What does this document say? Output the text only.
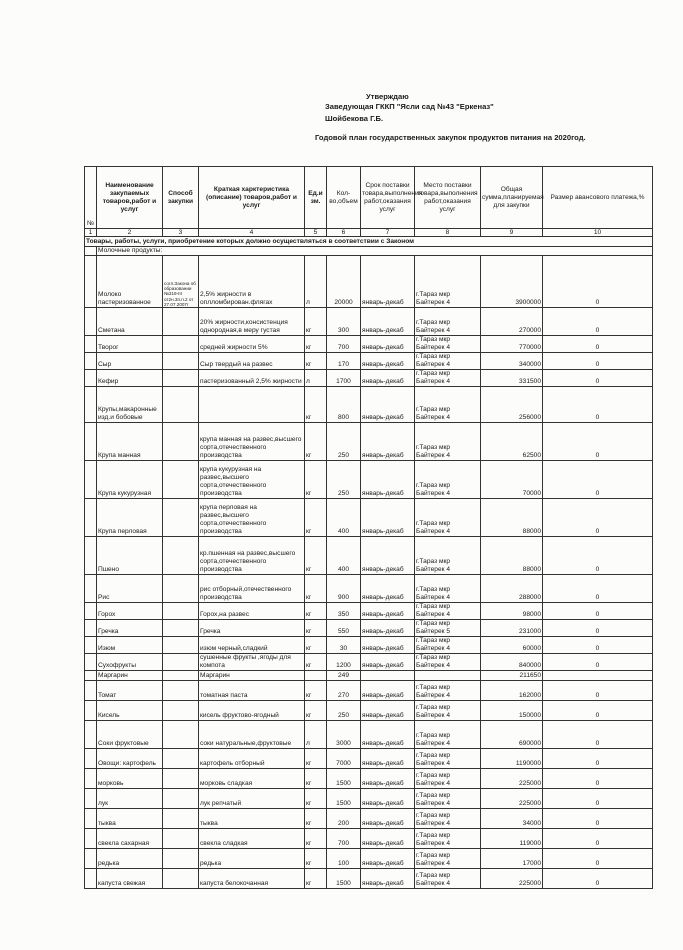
Утверждаю
Заведующая ГККП "Ясли сад №43 "Еркеназ"
Шойбекова Г.Б.
Годовой план государственных закупок продуктов питания на 2020год.
№	Наименование закупаемых товаров,работ и услуг	Способ закупки	Краткая харктеристика (описание) товаров,работ и услуг	Ед.и зм.	Кол-во,объем	Срок поставки товара,выполнения работ,оказания услуг	Место поставки товара,выполнения работ,оказания услуг	Общая сумма,планируемая для закупки	Размер авансового платежа,%
1	2	3	4	5	6	7	8	9	10
Товары, работы, услуги, приобретение которых должно осуществляться в соответствии с Законом									
	Молочные продукты:								
	Молоко пастеризованное	согл.Закона об образовании №319-III от2н.3п.п.2 от 27.07.2007г	2,5% жирности в оплломбирован.флягах	л	20000	январь-декаб	г.Тараз мкр Байтерек 4	3900000	0
	Сметана		20% жирности,консистенция однородная,в меру густая	кг	300	январь-декаб	г.Тараз мкр Байтерек 4	270000	0
	Творог		средней жирности 5%	кг	700	январь-декаб	г.Тараз мкр Байтерек 4	770000	0
	Сыр		Сыр твердый на развес	кг	170	январь-декаб	г.Тараз мкр Байтерек 4	340000	0
	Кефир		пастеризованный 2,5% жирности	л	1700	январь-декаб	г.Тараз мкр Байтерек 4	331500	0
	Крупы,макаронные изд.и бобовые			кг	800	январь-декаб	г.Тараз мкр Байтерек 4	256000	0
	Крупа манная		крупа манная на развес,высшего сорта,отечественного производства	кг	250	январь-декаб	г.Тараз мкр Байтерек 4	62500	0
	Крупа кукурузная		крупа кукурузная на развес,высшего сорта,отечественного производства	кг	250	январь-декаб	г.Тараз мкр Байтерек 4	70000	0
	Крупа перловая		крупа перловая на развес,высшего сорта,отечественного производства	кг	400	январь-декаб	г.Тараз мкр Байтерек 4	88000	0
	Пшено		кр.пшенная на развес,высшего сорта,отечественного производства	кг	400	январь-декаб	г.Тараз мкр Байтерек 4	88000	0
	Рис		рис отборный,отечественного производства	кг	900	январь-декаб	г.Тараз мкр Байтерек 4	288000	0
	Горох		Горох,на развес	кг	350	январь-декаб	г.Тараз мкр Байтерек 4	98000	0
	Гречка		Гречка	кг	550	январь-декаб	г.Тараз мкр Байтерек 5	231000	0
	Изюм		изюм черный,сладкий	кг	30	январь-декаб	г.Тараз мкр Байтерек 4	60000	0
	Сухофрукты		сушенные фрукты ,ягоды для компота	кг	1200	январь-декаб	г.Тараз мкр Байтерек 4	840000	0
	Маргарин		Маргарин		249			211650	
	Томат		томатная паста	кг	270	январь-декаб	г.Тараз мкр Байтерек 4	162000	0
	Кисель		кисель фруктово-ягодный	кг	250	январь-декаб	г.Тараз мкр Байтерек 4	150000	0
	Соки фруктовые		соки натуральные,фруктовые	л	3000	январь-декаб	г.Тараз мкр Байтерек 4	690000	0
	Овощи: картофель		картофель отборный	кг	7000	январь-декаб	г.Тараз мкр Байтерек 4	1190000	0
	морковь		морковь сладкая	кг	1500	январь-декаб	г.Тараз мкр Байтерек 4	225000	0
	лук		лук репчатый	кг	1500	январь-декаб	г.Тараз мкр Байтерек 4	225000	0
	тыква		тыква	кг	200	январь-декаб	г.Тараз мкр Байтерек 4	34000	0
	свекла сахарная		свекла сладкая	кг	700	январь-декаб	г.Тараз мкр Байтерек 4	119000	0
	редька		редька	кг	100	январь-декаб	г.Тараз мкр Байтерек 4	17000	0
	капуста свежая		капуста белокочанная	кг	1500	январь-декаб	г.Тараз мкр Байтерек 4	225000	0
